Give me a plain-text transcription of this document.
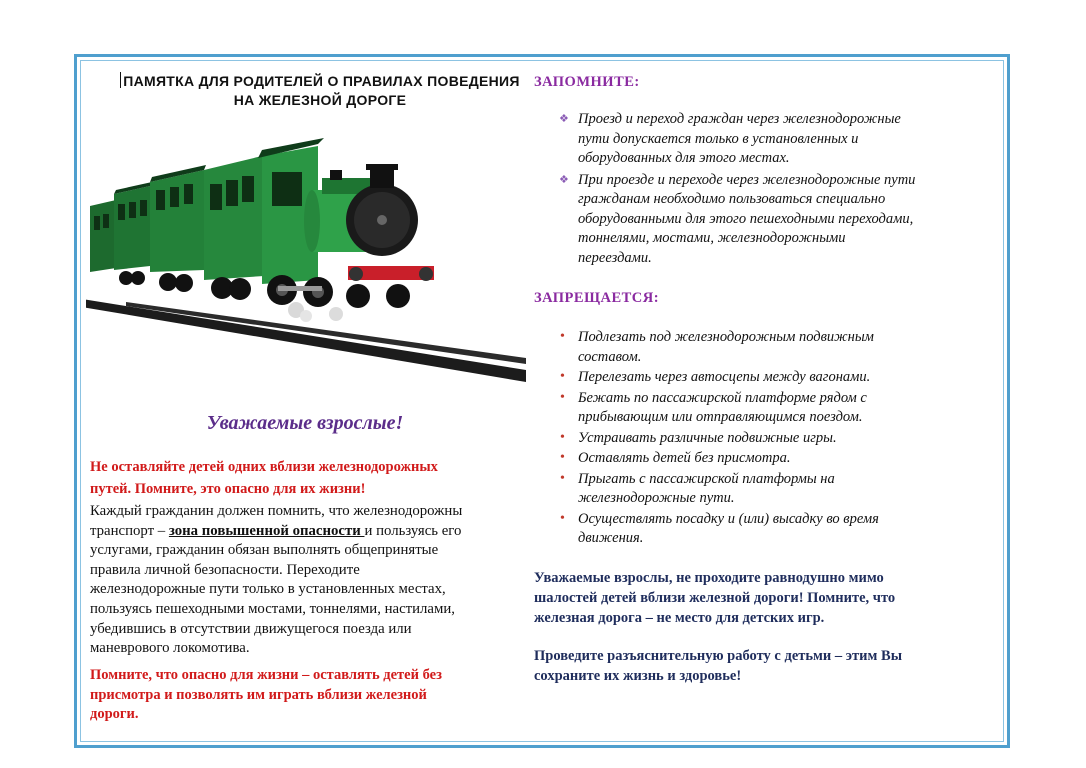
ПАМЯТКА ДЛЯ РОДИТЕЛЕЙ О ПРАВИЛАХ ПОВЕДЕНИЯ
НА ЖЕЛЕЗНОЙ ДОРОГЕ
Уважаемые взрослые!
Не оставляйте детей одних вблизи железнодорожных
путей. Помните, это опасно для их жизни!
Каждый гражданин должен помнить, что железнодорожны
транспорт – зона повышенной опасности и пользуясь его
услугами, гражданин обязан выполнять общепринятые
правила личной безопасности. Переходите
железнодорожные пути только в установленных местах,
пользуясь пешеходными мостами, тоннелями, настилами,
убедившись в отсутствии движущегося поезда или
маневрового локомотива.
Помните, что опасно для жизни – оставлять детей без
присмотра и позволять им играть вблизи железной
дороги.
ЗАПОМНИТЕ:
❖ Проезд и переход граждан через железнодорожные
пути допускается только в установленных и
оборудованных для этого местах.
❖ При проезде и переходе через железнодорожные пути
гражданам необходимо пользоваться специально
оборудованными для этого пешеходными переходами,
тоннелями, мостами, железнодорожными
переездами.
ЗАПРЕЩАЕТСЯ:
• Подлезать под железнодорожным подвижным
составом.
• Перелезать через автосцепы между вагонами.
• Бежать по пассажирской платформе рядом с
прибывающим или отправляющимся поездом.
• Устраивать различные подвижные игры.
• Оставлять детей без присмотра.
• Прыгать с пассажирской платформы на
железнодорожные пути.
• Осуществлять посадку и (или) высадку во время
движения.
Уважаемые взрослы, не проходите равнодушно мимо
шалостей детей вблизи железной дороги! Помните, что
железная дорога – не место для детских игр.
Проведите разъяснительную работу с детьми – этим Вы
сохраните их жизнь и здоровье!
